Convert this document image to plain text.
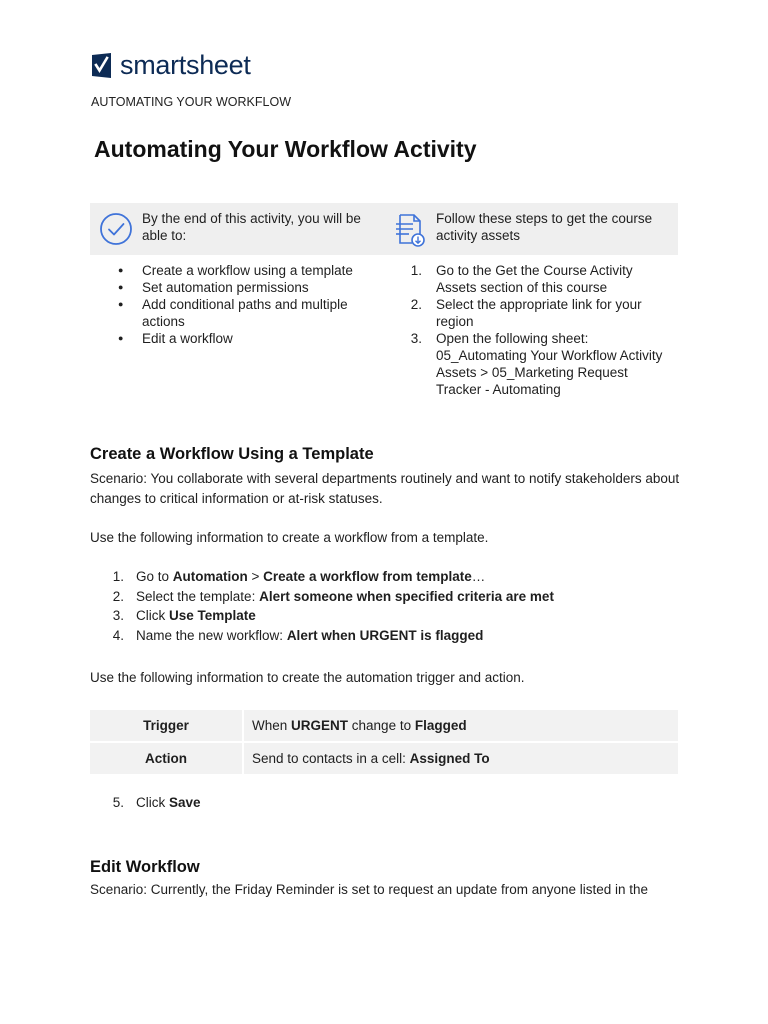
smartsheet
AUTOMATING YOUR WORKFLOW
Automating Your Workflow Activity
By the end of this activity, you will be able to:
Follow these steps to get the course activity assets
● Create a workflow using a template
● Set automation permissions
● Add conditional paths and multiple actions
● Edit a workflow
1. Go to the Get the Course Activity Assets section of this course
2. Select the appropriate link for your region
3. Open the following sheet: 05_Automating Your Workflow Activity Assets > 05_Marketing Request Tracker - Automating
Create a Workflow Using a Template

Scenario: You collaborate with several departments routinely and want to notify stakeholders about changes to critical information or at-risk statuses.

Use the following information to create a workflow from a template.

1. Go to Automation > Create a workflow from template…
2. Select the template: Alert someone when specified criteria are met
3. Click Use Template
4. Name the new workflow: Alert when URGENT is flagged

Use the following information to create the automation trigger and action.

Trigger	When URGENT change to Flagged
Action	Send to contacts in a cell: Assigned To
5. Click Save
Edit Workflow

Scenario: Currently, the Friday Reminder is set to request an update from anyone listed in the
